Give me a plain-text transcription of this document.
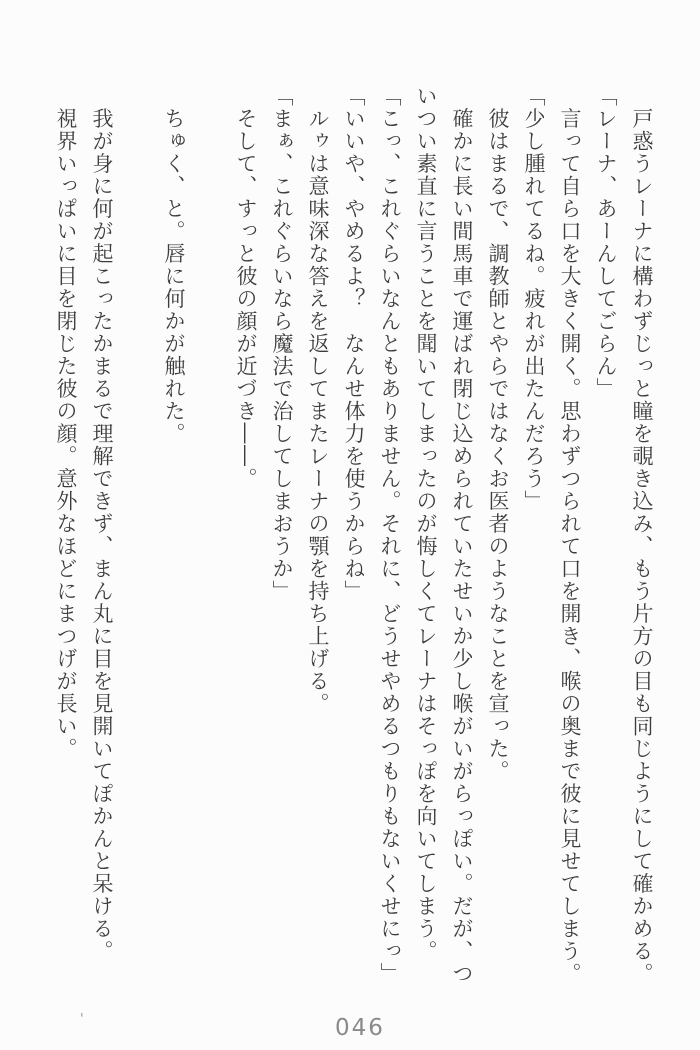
　戸惑うレーナに構わずじっと瞳を覗き込み、もう片方の目も同じようにして確かめる。

「レーナ、あーんしてごらん」

　言って自ら口を大きく開く。思わずつられて口を開き、喉の奥まで彼に見せてしまう。

「少し腫れてるね。疲れが出たんだろう」

　彼はまるで、調教師とやらではなくお医者のようなことを宣った。

　確かに長い間馬車で運ばれ閉じ込められていたせいか少し喉がいがらっぽい。だが、ついつい素直に言うことを聞いてしまったのが悔しくてレーナはそっぽを向いてしまう。

「こっ、これぐらいなんともありません。それに、どうせやめるつもりもないくせにっ」

「いいや、やめるよ？　なんせ体力を使うからね」

　ルゥは意味深な答えを返してまたレーナの顎を持ち上げる。

「まぁ、これぐらいなら魔法で治してしまおうか」

　そして、すっと彼の顔が近づき――。

　ちゅく、と。唇に何かが触れた。

　我が身に何が起こったかまるで理解できず、まん丸に目を見開いてぽかんと呆ける。

　視界いっぱいに目を閉じた彼の顔。意外なほどにまつげが長い。

'	046
